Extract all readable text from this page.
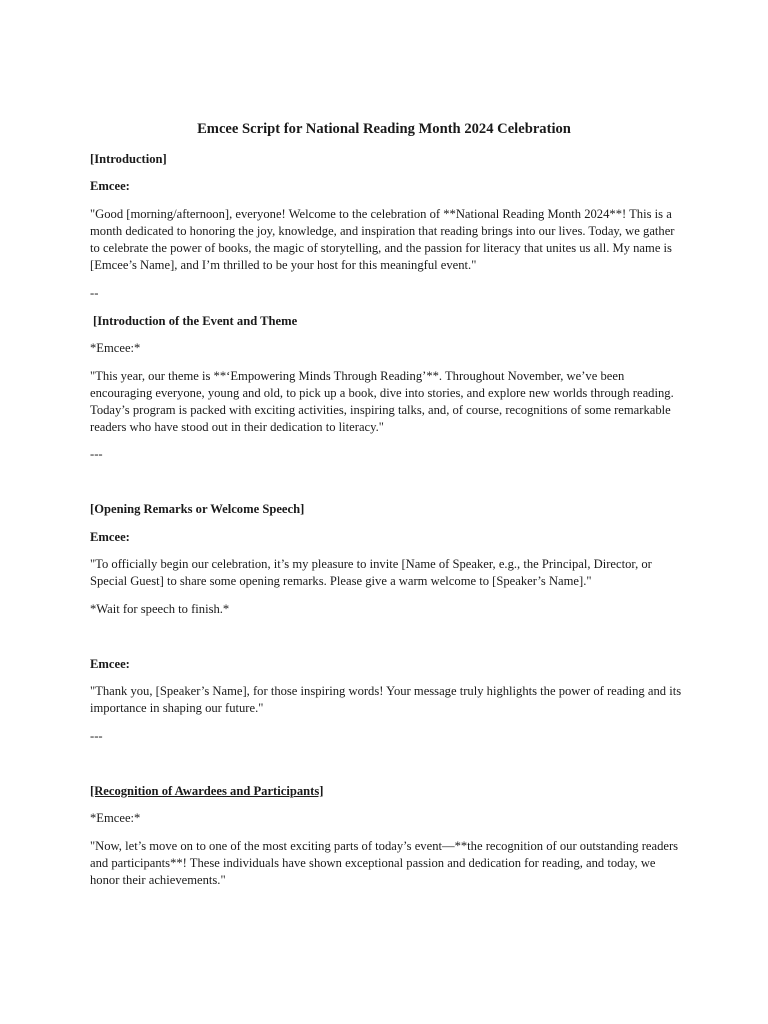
Emcee Script for National Reading Month 2024 Celebration

[Introduction]

Emcee:

"Good [morning/afternoon], everyone! Welcome to the celebration of **National Reading Month 2024**! This is a month dedicated to honoring the joy, knowledge, and inspiration that reading brings into our lives. Today, we gather to celebrate the power of books, the magic of storytelling, and the passion for literacy that unites us all. My name is [Emcee’s Name], and I’m thrilled to be your host for this meaningful event."

--

[Introduction of the Event and Theme

*Emcee:*

"This year, our theme is **‘Empowering Minds Through Reading’**. Throughout November, we’ve been encouraging everyone, young and old, to pick up a book, dive into stories, and explore new worlds through reading. Today’s program is packed with exciting activities, inspiring talks, and, of course, recognitions of some remarkable readers who have stood out in their dedication to literacy."

---

[Opening Remarks or Welcome Speech]

Emcee:

"To officially begin our celebration, it’s my pleasure to invite [Name of Speaker, e.g., the Principal, Director, or Special Guest] to share some opening remarks. Please give a warm welcome to [Speaker’s Name]."

*Wait for speech to finish.*

Emcee:

"Thank you, [Speaker’s Name], for those inspiring words! Your message truly highlights the power of reading and its importance in shaping our future."

---

[Recognition of Awardees and Participants]

*Emcee:*

"Now, let’s move on to one of the most exciting parts of today’s event—**the recognition of our outstanding readers and participants**! These individuals have shown exceptional passion and dedication for reading, and today, we honor their achievements."
